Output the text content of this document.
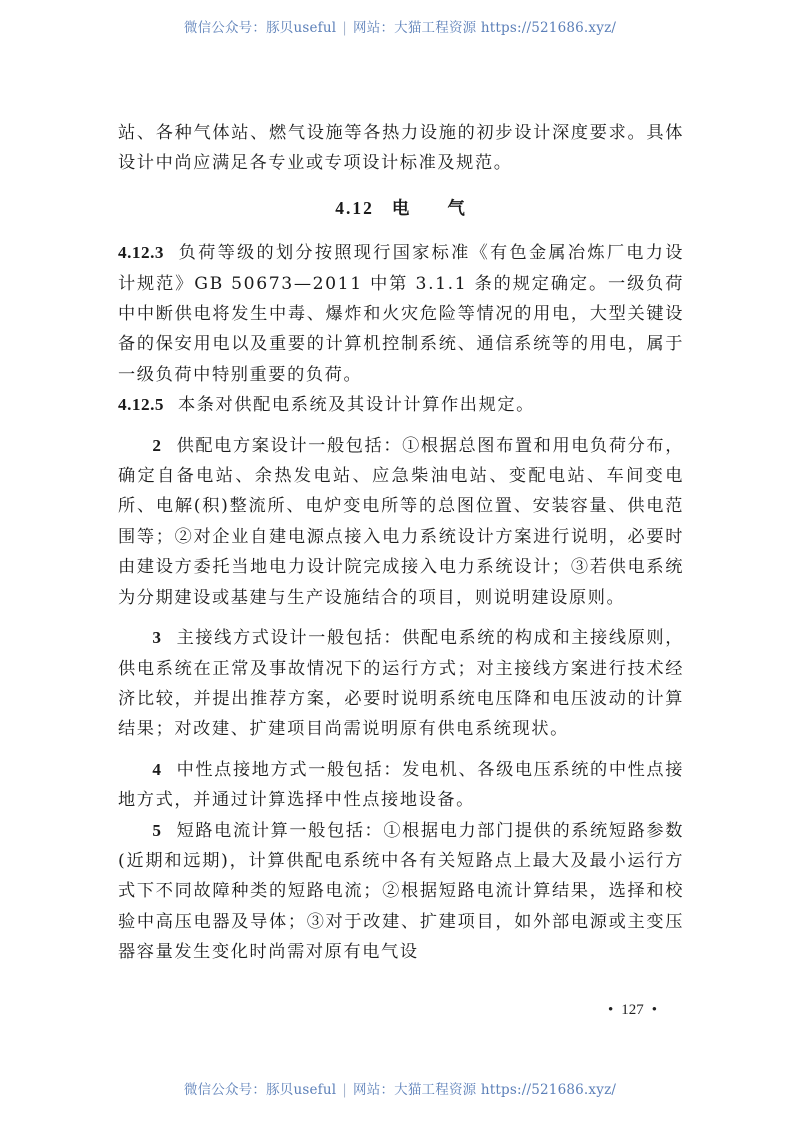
微信公众号：豚贝useful | 网站：大猫工程资源 https://521686.xyz/

站、各种气体站、燃气设施等各热力设施的初步设计深度要求。具体设计中尚应满足各专业或专项设计标准及规范。

4.12 电 气

4.12.3 负荷等级的划分按照现行国家标准《有色金属冶炼厂电力设计规范》GB 50673—2011 中第 3.1.1 条的规定确定。一级负荷中中断供电将发生中毒、爆炸和火灾危险等情况的用电，大型关键设备的保安用电以及重要的计算机控制系统、通信系统等的用电，属于一级负荷中特别重要的负荷。

4.12.5 本条对供配电系统及其设计计算作出规定。

2 供配电方案设计一般包括：①根据总图布置和用电负荷分布，确定自备电站、余热发电站、应急柴油电站、变配电站、车间变电所、电解(积)整流所、电炉变电所等的总图位置、安装容量、供电范围等；②对企业自建电源点接入电力系统设计方案进行说明，必要时由建设方委托当地电力设计院完成接入电力系统设计；③若供电系统为分期建设或基建与生产设施结合的项目，则说明建设原则。

3 主接线方式设计一般包括：供配电系统的构成和主接线原则，供电系统在正常及事故情况下的运行方式；对主接线方案进行技术经济比较，并提出推荐方案，必要时说明系统电压降和电压波动的计算结果；对改建、扩建项目尚需说明原有供电系统现状。

4 中性点接地方式一般包括：发电机、各级电压系统的中性点接地方式，并通过计算选择中性点接地设备。

5 短路电流计算一般包括：①根据电力部门提供的系统短路参数(近期和远期)，计算供配电系统中各有关短路点上最大及最小运行方式下不同故障种类的短路电流；②根据短路电流计算结果，选择和校验中高压电器及导体；③对于改建、扩建项目，如外部电源或主变压器容量发生变化时尚需对原有电气设

• 127 •
微信公众号：豚贝useful | 网站：大猫工程资源 https://521686.xyz/
